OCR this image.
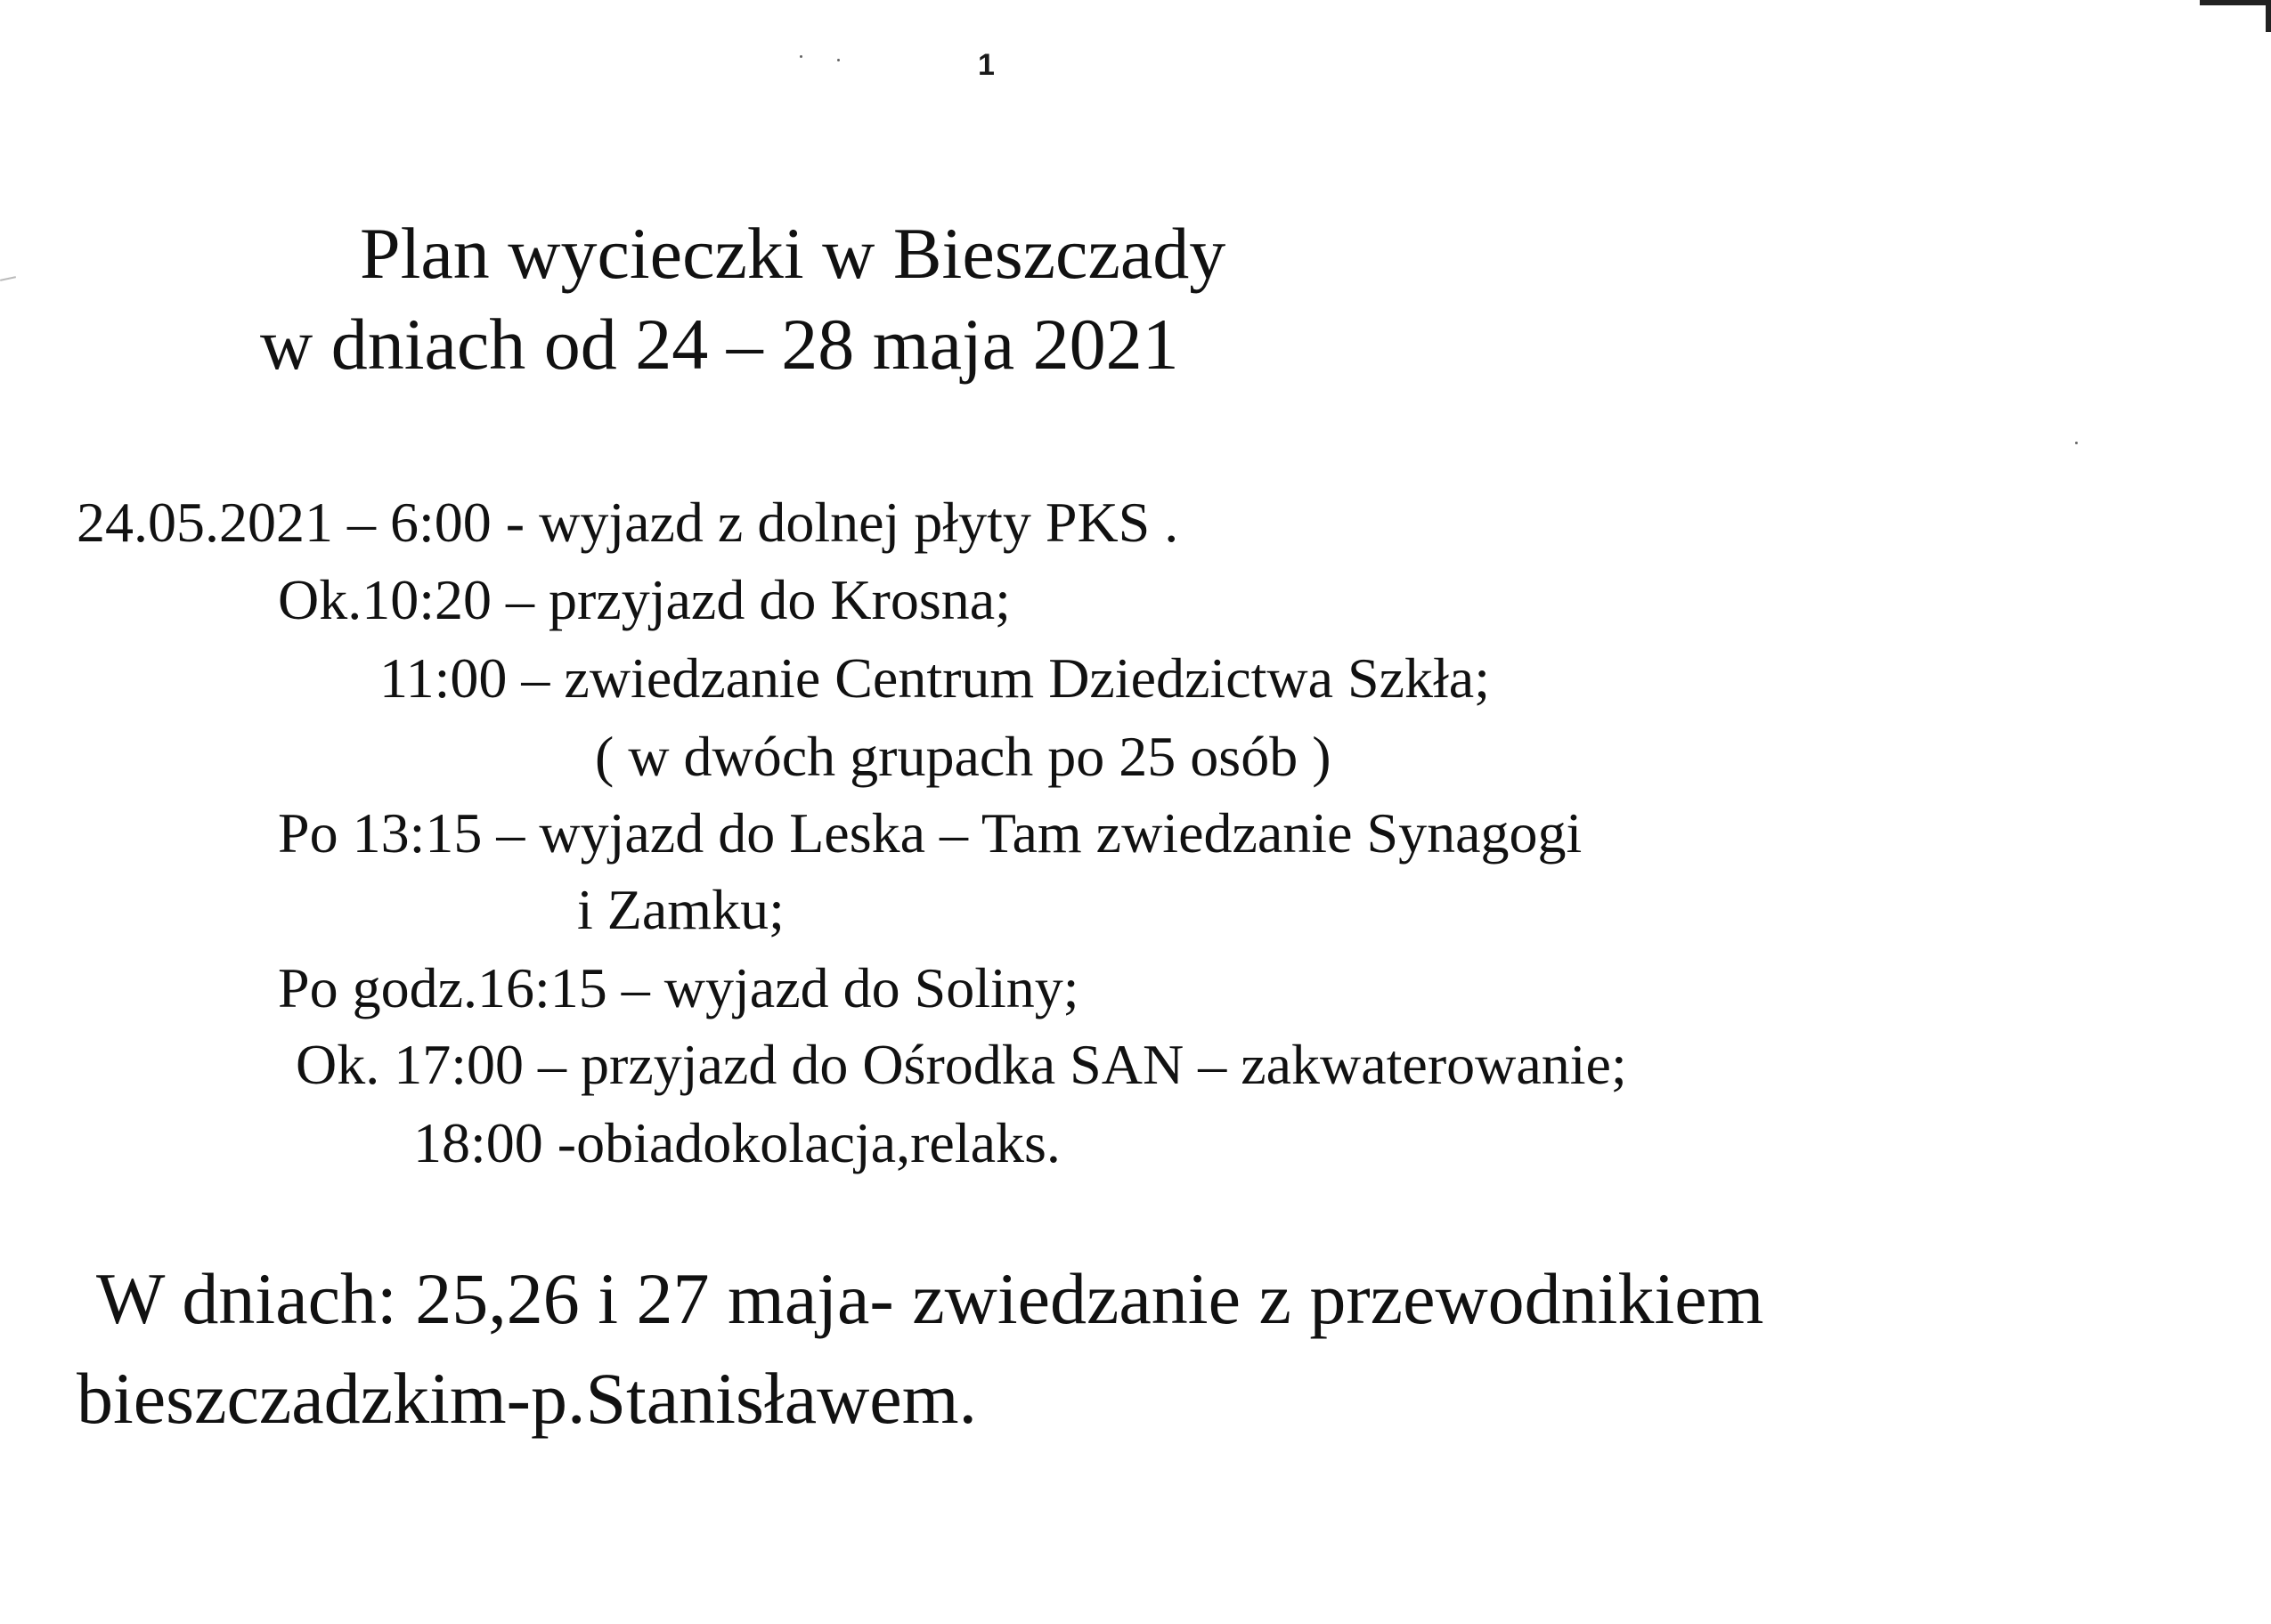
1
Plan wycieczki w Bieszczady
w dniach od 24 – 28 maja 2021
24.05.2021 – 6:00 - wyjazd z dolnej płyty PKS .
Ok.10:20 – przyjazd do Krosna;
11:00 – zwiedzanie Centrum Dziedzictwa Szkła;
( w dwóch grupach po 25 osób )
Po 13:15 – wyjazd do Leska – Tam zwiedzanie Synagogi
i Zamku;
Po godz.16:15 – wyjazd do Soliny;
Ok. 17:00 – przyjazd do Ośrodka SAN – zakwaterowanie;
18:00 -obiadokolacja,relaks.
W dniach: 25,26 i 27 maja- zwiedzanie z przewodnikiem
bieszczadzkim-p.Stanisławem.
